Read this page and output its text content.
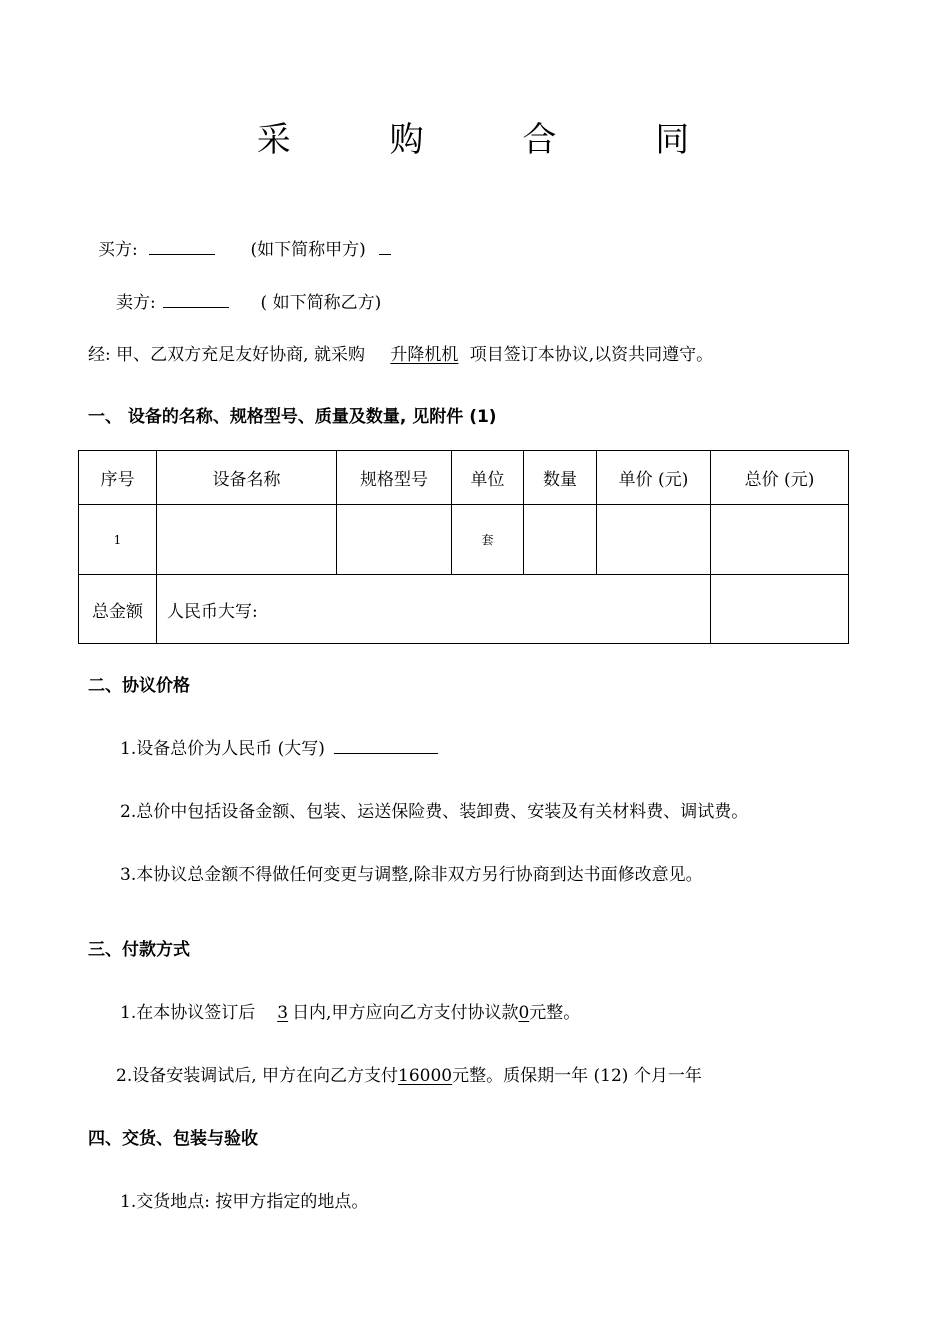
采 购 合 同
买方:	(如下简称甲方)
卖方:	( 如下简称乙方)
经: 甲、乙双方充足友好协商, 就采购 升降机机 项目签订本协议,以资共同遵守。
一、 设备的名称、规格型号、质量及数量, 见附件 (1)
序号	设备名称	规格型号	单位	数量	单价 (元)	总价 (元)
1			套			
总金额	人民币大写:					
二、协议价格
1.设备总价为人民币 (大写)
2.总价中包括设备金额、包装、运送保险费、装卸费、安装及有关材料费、调试费。
3.本协议总金额不得做任何变更与调整,除非双方另行协商到达书面修改意见。
三、付款方式
1.在本协议签订后 3 日内,甲方应向乙方支付协议款0元整。
2.设备安装调试后, 甲方在向乙方支付16000元整。质保期一年 (12) 个月一年
四、交货、包装与验收
1.交货地点: 按甲方指定的地点。
